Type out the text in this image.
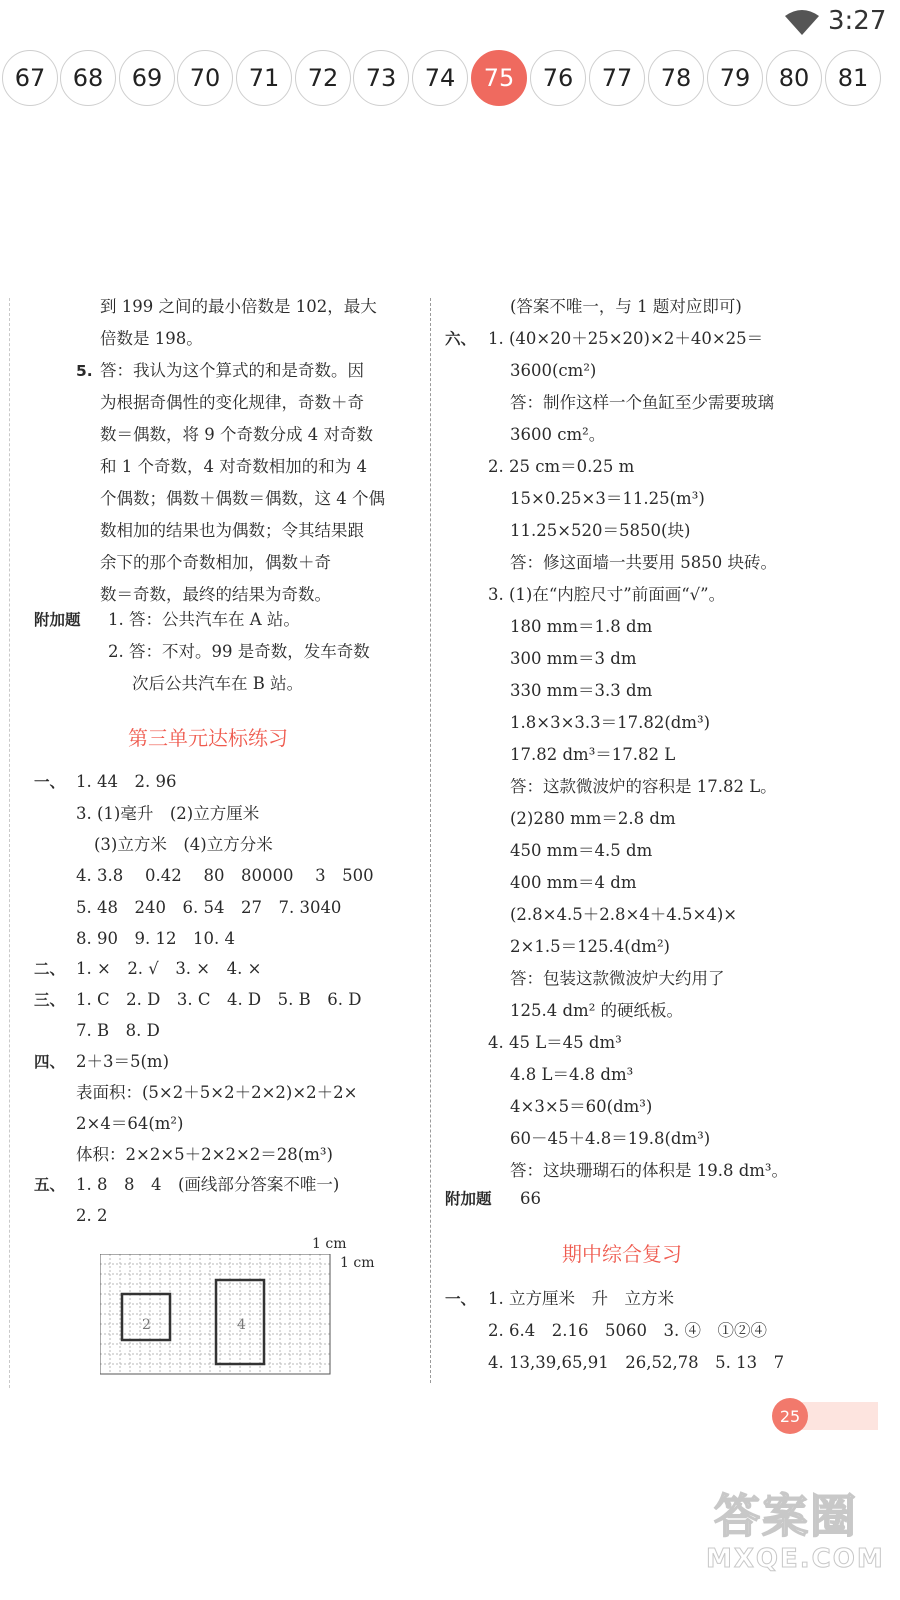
3:27
67	68	69	70	71	72	73	74	75	76	77	78	79	80	81
到 199 之间的最小倍数是 102，最大
倍数是 198。
5. 答：我认为这个算式的和是奇数。因
为根据奇偶性的变化规律，奇数＋奇
数＝偶数，将 9 个奇数分成 4 对奇数
和 1 个奇数，4 对奇数相加的和为 4
个偶数；偶数＋偶数＝偶数，这 4 个偶
数相加的结果也为偶数；令其结果跟
余下的那个奇数相加，偶数＋奇
数＝奇数，最终的结果为奇数。
附加题 1. 答：公共汽车在 A 站。
2. 答：不对。99 是奇数，发车奇数
次后公共汽车在 B 站。
第三单元达标练习
一、 1. 44　2. 96
3. (1)毫升　(2)立方厘米
(3)立方米　(4)立方分米
4. 3.8　 0.42　 80　80000　 3　500
5. 48　240　6. 54　27　7. 3040
8. 90　9. 12　10. 4
二、 1. ×　2. √　3. ×　4. ×
三、 1. C　2. D　3. C　4. D　5. B　6. D
7. B　8. D
四、 2＋3＝5(m)
表面积：(5×2＋5×2＋2×2)×2＋2×
2×4＝64(m²)
体积：2×2×5＋2×2×2＝28(m³)
五、 1. 8　8　4　(画线部分答案不唯一)
2. 2
1 cm
1 cm
2	4
(答案不唯一，与 1 题对应即可)
六、 1. (40×20＋25×20)×2＋40×25＝
3600(cm²)
答：制作这样一个鱼缸至少需要玻璃
3600 cm²。
2. 25 cm＝0.25 m
15×0.25×3＝11.25(m³)
11.25×520＝5850(块)
答：修这面墙一共要用 5850 块砖。
3. (1)在“内腔尺寸”前面画“√”。
180 mm＝1.8 dm
300 mm＝3 dm
330 mm＝3.3 dm
1.8×3×3.3＝17.82(dm³)
17.82 dm³＝17.82 L
答：这款微波炉的容积是 17.82 L。
(2)280 mm＝2.8 dm
450 mm＝4.5 dm
400 mm＝4 dm
(2.8×4.5＋2.8×4＋4.5×4)×
2×1.5＝125.4(dm²)
答：包装这款微波炉大约用了
125.4 dm² 的硬纸板。
4. 45 L＝45 dm³
4.8 L＝4.8 dm³
4×3×5＝60(dm³)
60－45＋4.8＝19.8(dm³)
答：这块珊瑚石的体积是 19.8 dm³。
附加题 66
期中综合复习
一、 1. 立方厘米　升　立方米
2. 6.4　2.16　5060　3. ④　①②④
4. 13,39,65,91　26,52,78　5. 13　7
25
答案圈
MXQE.COM
